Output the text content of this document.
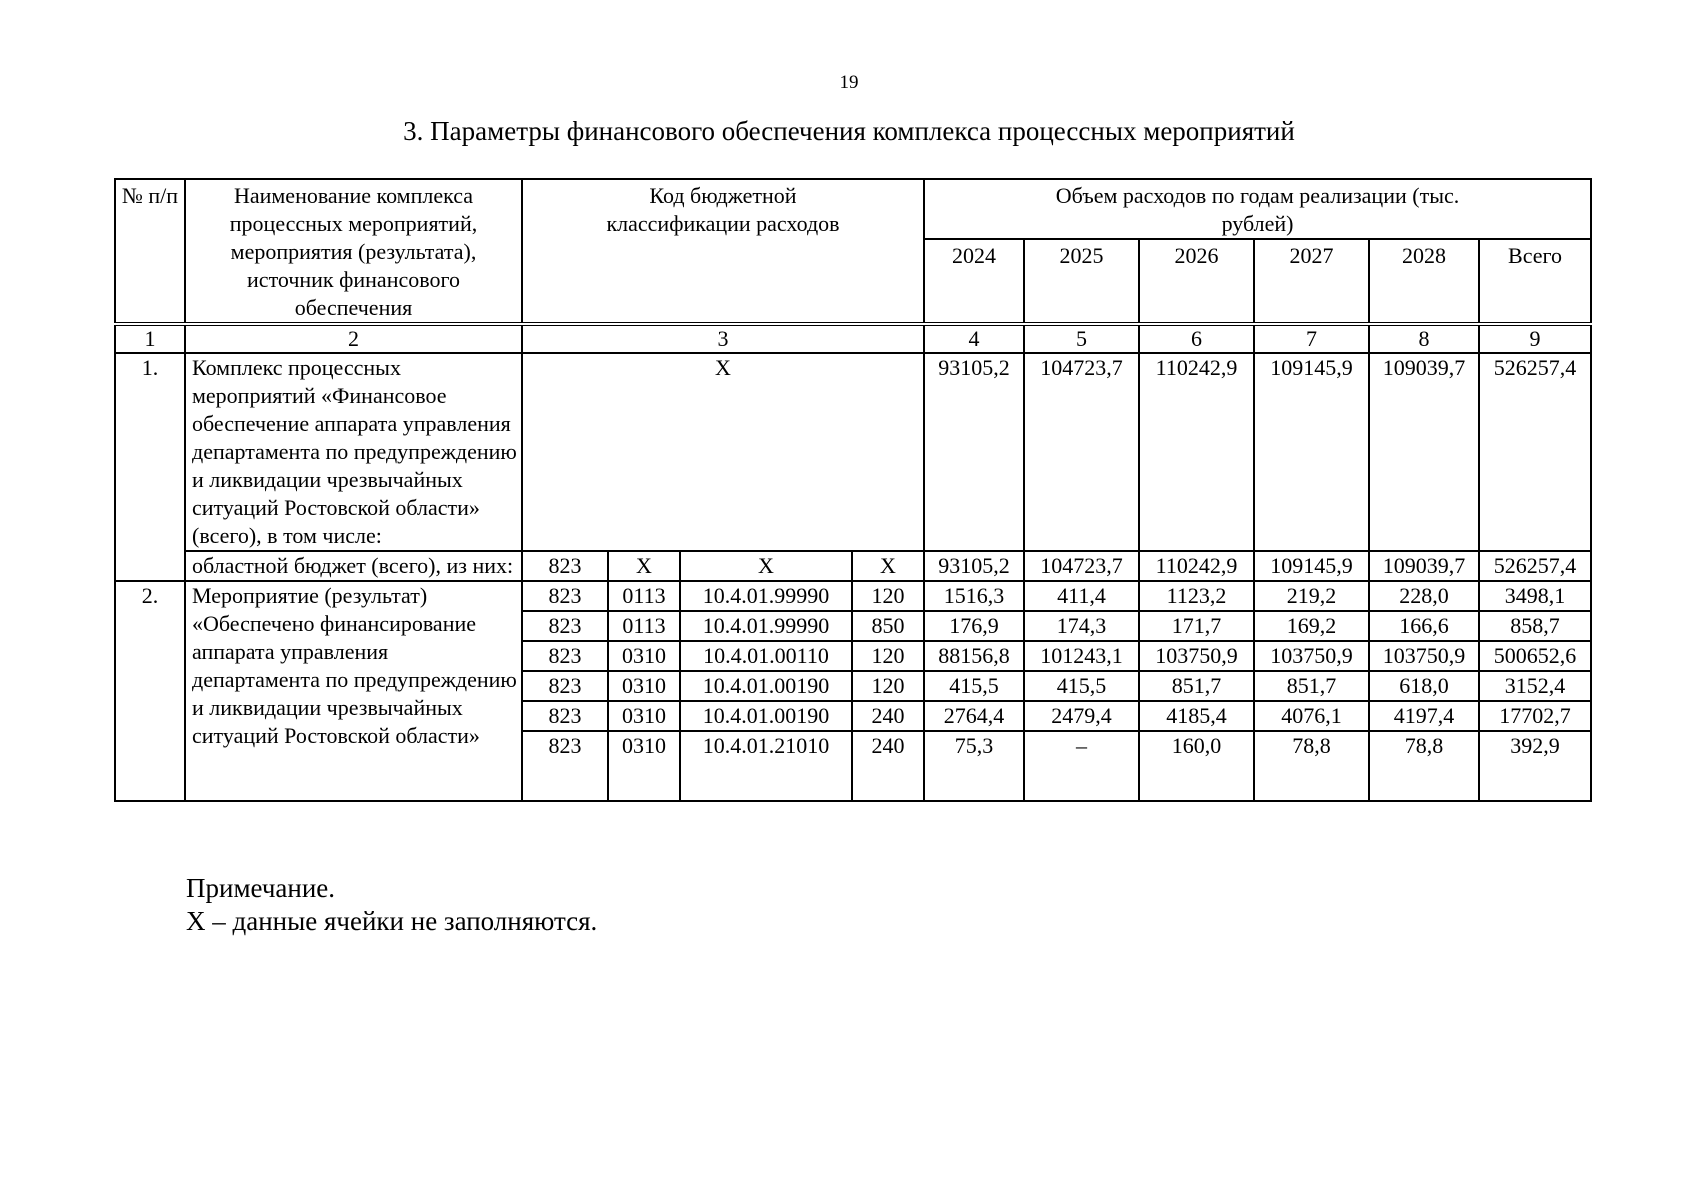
19
3. Параметры финансового обеспечения комплекса процессных мероприятий
№ п/п	Наименование комплекса процессных мероприятий, мероприятия (результата), источник финансового обеспечения	Код бюджетной классификации расходов				Объем расходов по годам реализации (тыс. рублей)					

						2024	2025	2026	2027	2028	Всего
1	2	3				4	5	6	7	8	9
1.	Комплекс процессных мероприятий «Финансовое обеспечение аппарата управления департамента по предупреждению и ликвидации чрезвычайных ситуаций Ростовской области» (всего), в том числе:	X				93105,2	104723,7	110242,9	109145,9	109039,7	526257,4
	областной бюджет (всего), из них:	823	X	X	X	93105,2	104723,7	110242,9	109145,9	109039,7	526257,4
2.	Мероприятие (результат) «Обеспечено финансирование аппарата управления департамента по предупреждению и ликвидации чрезвычайных ситуаций Ростовской области»	823	0113	10.4.01.99990	120	1516,3	411,4	1123,2	219,2	228,0	3498,1
		823	0113	10.4.01.99990	850	176,9	174,3	171,7	169,2	166,6	858,7
		823	0310	10.4.01.00110	120	88156,8	101243,1	103750,9	103750,9	103750,9	500652,6
		823	0310	10.4.01.00190	120	415,5	415,5	851,7	851,7	618,0	3152,4
		823	0310	10.4.01.00190	240	2764,4	2479,4	4185,4	4076,1	4197,4	17702,7
		823	0310	10.4.01.21010	240	75,3	–	160,0	78,8	78,8	392,9
Примечание.
X – данные ячейки не заполняются.
